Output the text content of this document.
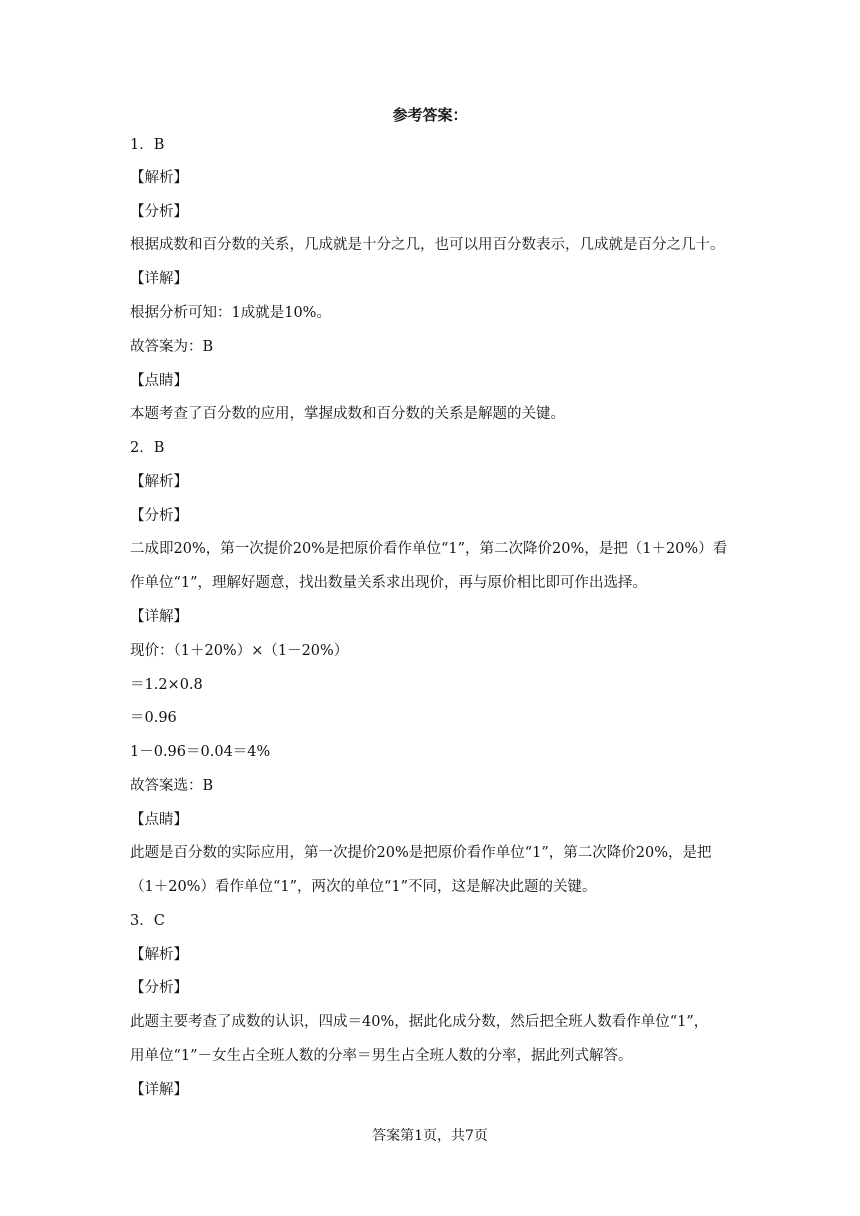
参考答案：
1．B
【解析】
【分析】
根据成数和百分数的关系，几成就是十分之几，也可以用百分数表示，几成就是百分之几十。
【详解】
根据分析可知：1成就是10%。
故答案为：B
【点睛】
本题考查了百分数的应用，掌握成数和百分数的关系是解题的关键。
2．B
【解析】
【分析】
二成即20%，第一次提价20%是把原价看作单位“1”，第二次降价20%，是把（1＋20%）看
作单位“1”，理解好题意，找出数量关系求出现价，再与原价相比即可作出选择。
【详解】
现价：（1＋20%）×（1－20%）
＝1.2×0.8
＝0.96
1－0.96＝0.04＝4%
故答案选：B
【点睛】
此题是百分数的实际应用，第一次提价20%是把原价看作单位“1”，第二次降价20%，是把
（1＋20%）看作单位“1”，两次的单位“1”不同，这是解决此题的关键。
3．C
【解析】
【分析】
此题主要考查了成数的认识，四成＝40%，据此化成分数，然后把全班人数看作单位“1”，
用单位“1”－女生占全班人数的分率＝男生占全班人数的分率，据此列式解答。
【详解】
答案第1页，共7页
